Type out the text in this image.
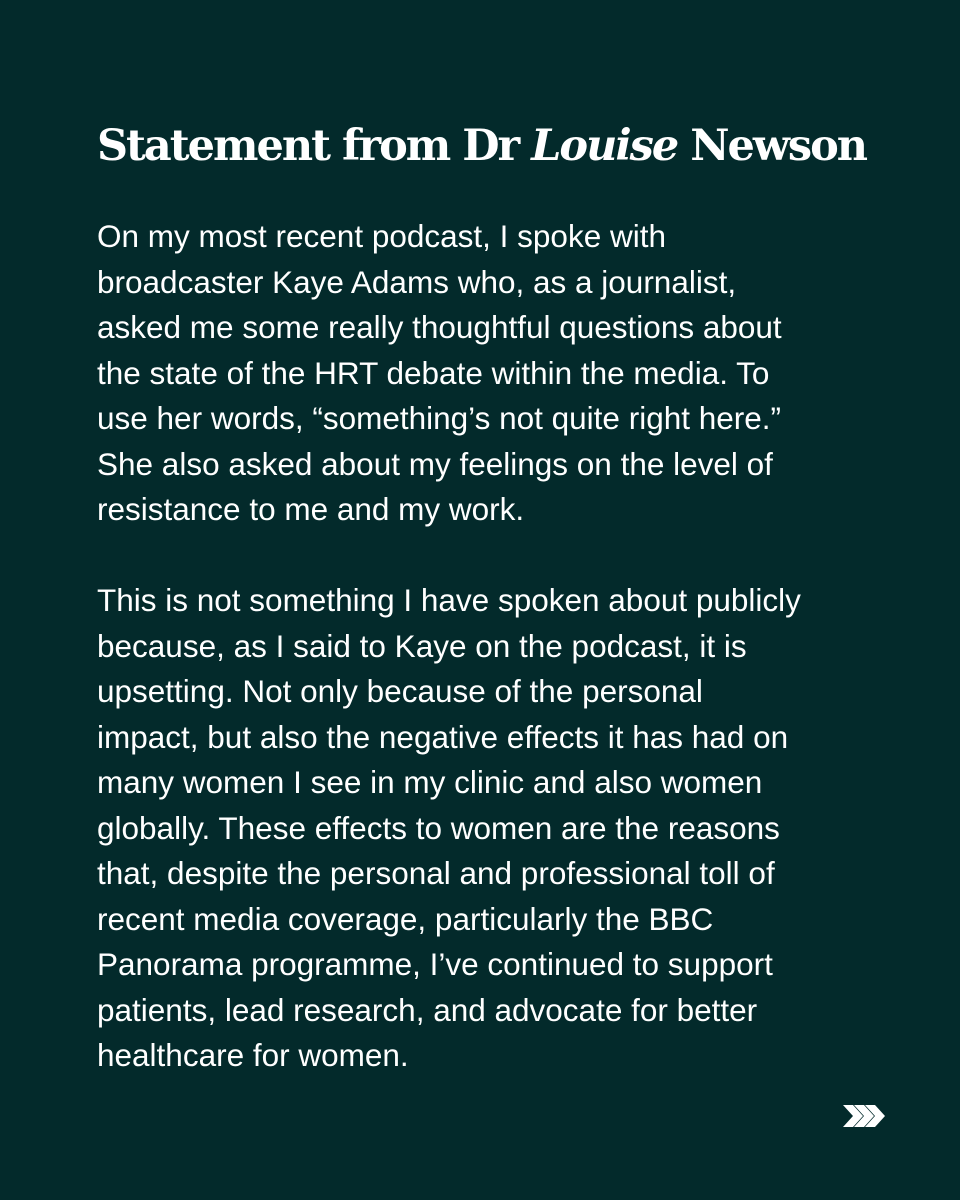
Statement from Dr Louise Newson

On my most recent podcast, I spoke with
broadcaster Kaye Adams who, as a journalist,
asked me some really thoughtful questions about
the state of the HRT debate within the media. To
use her words, “something’s not quite right here.”
She also asked about my feelings on the level of
resistance to me and my work.

This is not something I have spoken about publicly
because, as I said to Kaye on the podcast, it is
upsetting. Not only because of the personal
impact, but also the negative effects it has had on
many women I see in my clinic and also women
globally. These effects to women are the reasons
that, despite the personal and professional toll of
recent media coverage, particularly the BBC
Panorama programme, I’ve continued to support
patients, lead research, and advocate for better
healthcare for women.
